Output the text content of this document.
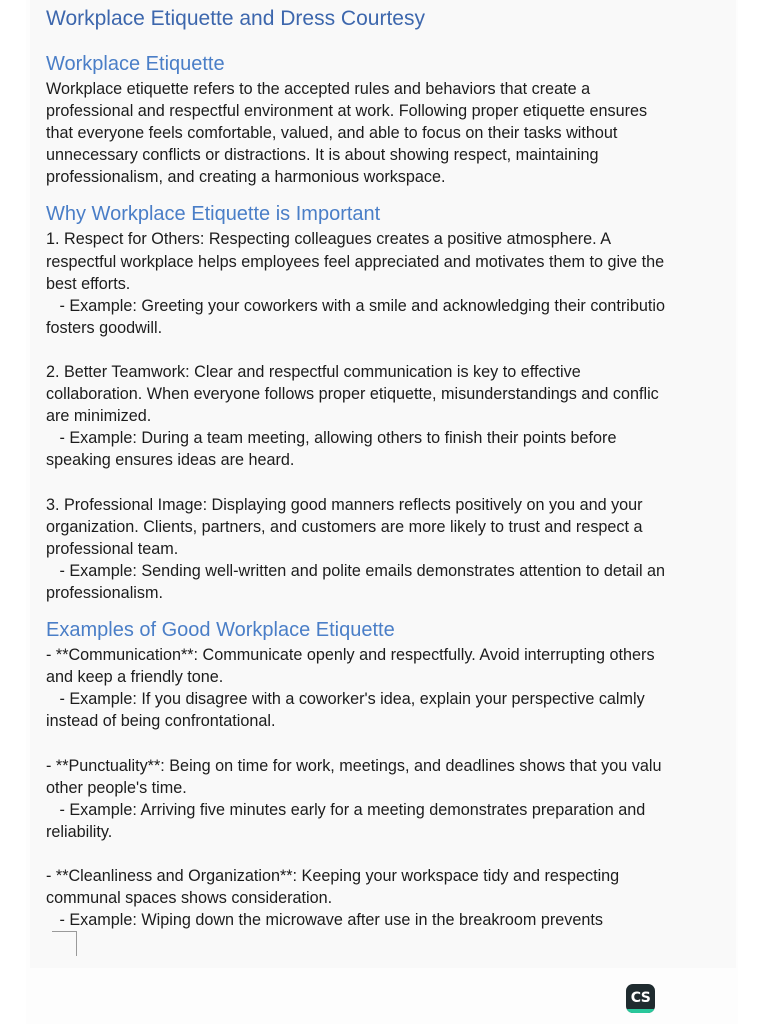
Workplace Etiquette and Dress Courtesy
Workplace Etiquette
Workplace etiquette refers to the accepted rules and behaviors that create a
professional and respectful environment at work. Following proper etiquette ensures
that everyone feels comfortable, valued, and able to focus on their tasks without
unnecessary conflicts or distractions. It is about showing respect, maintaining
professionalism, and creating a harmonious workspace.
Why Workplace Etiquette is Important
1. Respect for Others: Respecting colleagues creates a positive atmosphere. A
respectful workplace helps employees feel appreciated and motivates them to give the
best efforts.
- Example: Greeting your coworkers with a smile and acknowledging their contributio
fosters goodwill.
2. Better Teamwork: Clear and respectful communication is key to effective
collaboration. When everyone follows proper etiquette, misunderstandings and conflic
are minimized.
- Example: During a team meeting, allowing others to finish their points before
speaking ensures ideas are heard.
3. Professional Image: Displaying good manners reflects positively on you and your
organization. Clients, partners, and customers are more likely to trust and respect a
professional team.
- Example: Sending well-written and polite emails demonstrates attention to detail an
professionalism.
Examples of Good Workplace Etiquette
- **Communication**: Communicate openly and respectfully. Avoid interrupting others
and keep a friendly tone.
- Example: If you disagree with a coworker's idea, explain your perspective calmly
instead of being confrontational.
- **Punctuality**: Being on time for work, meetings, and deadlines shows that you valu
other people's time.
- Example: Arriving five minutes early for a meeting demonstrates preparation and
reliability.
- **Cleanliness and Organization**: Keeping your workspace tidy and respecting
communal spaces shows consideration.
- Example: Wiping down the microwave after use in the breakroom prevents
CS
